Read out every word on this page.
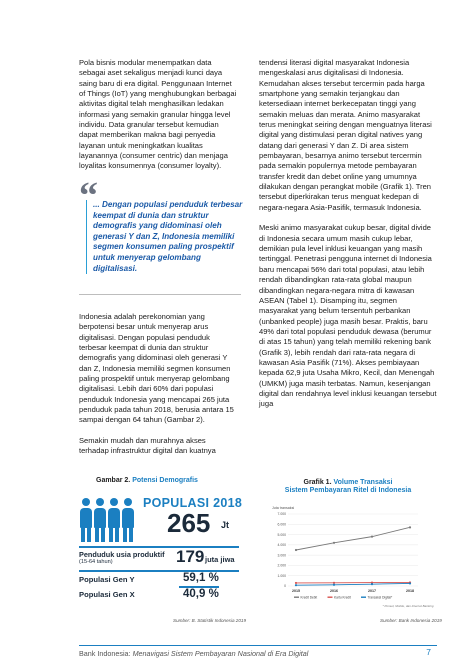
Pola bisnis modular menempatkan data sebagai aset sekaligus menjadi kunci daya saing baru di era digital. Penggunaan Internet of Things (IoT) yang menghubungkan berbagai aktivitas digital telah menghasilkan ledakan informasi yang semakin granular hingga level individu. Data granular tersebut kemudian dapat memberikan makna bagi penyedia layanan untuk meningkatkan kualitas layanannya (consumer centric) dan menjaga loyalitas konsumennya (consumer loyalty).

“
... Dengan populasi penduduk terbesar keempat di dunia dan struktur demografis yang didominasi oleh generasi Y dan Z, Indonesia memiliki segmen konsumen paling prospektif untuk menyerap gelombang digitalisasi.

Indonesia adalah perekonomian yang berpotensi besar untuk menyerap arus digitalisasi. Dengan populasi penduduk terbesar keempat di dunia dan struktur demografis yang didominasi oleh generasi Y dan Z, Indonesia memiliki segmen konsumen paling prospektif untuk menyerap gelombang digitalisasi. Lebih dari 60% dari populasi penduduk Indonesia yang mencapai 265 juta penduduk pada tahun 2018, berusia antara 15 sampai dengan 64 tahun (Gambar 2).

Semakin mudah dan murahnya akses terhadap infrastruktur digital dan kuatnya

tendensi literasi digital masyarakat Indonesia mengeskalasi arus digitalisasi di Indonesia. Kemudahan akses tersebut tercermin pada harga smartphone yang semakin terjangkau dan ketersediaan internet berkecepatan tinggi yang semakin meluas dan merata. Animo masyarakat terus meningkat seiring dengan menguatnya literasi digital yang distimulasi peran digital natives yang datang dari generasi Y dan Z. Di area sistem pembayaran, besarnya animo tersebut tercermin pada semakin populernya metode pembayaran transfer kredit dan debet online yang umumnya dilakukan dengan perangkat mobile (Grafik 1). Tren tersebut diperkirakan terus menguat kedepan di negara-negara Asia-Pasifik, termasuk Indonesia.

Meski animo masyarakat cukup besar, digital divide di Indonesia secara umum masih cukup lebar, demikian pula level inklusi keuangan yang masih tertinggal. Penetrasi pengguna internet di Indonesia baru mencapai 56% dari total populasi, atau lebih rendah dibandingkan rata-rata global maupun dibandingkan negara-negara mitra di kawasan ASEAN (Tabel 1). Disamping itu, segmen masyarakat yang belum tersentuh perbankan (unbanked people) juga masih besar. Praktis, baru 49% dari total populasi penduduk dewasa (berumur di atas 15 tahun) yang telah memiliki rekening bank (Grafik 3), lebih rendah dari rata-rata negara di kawasan Asia Pasifik (71%). Akses pembiayaan kepada 62,9 juta Usaha Mikro, Kecil, dan Menengah (UMKM) juga masih terbatas. Namun, kesenjangan digital dan rendahnya level inklusi keuangan tersebut juga

Gambar 2. Potensi Demografis
POPULASI 2018
265 Jt
Penduduk usia produktif
(15-64 tahun)	179 juta jiwa
Populasi Gen Y	59,1 %
Populasi Gen X	40,9 %
Sumber: B. Statistik Indonesia 2019
Grafik 1. Volume Transaksi
Sistem Pembayaran Ritel di Indonesia
Juta transaksi
0
1.000
2.000
3.000
4.000
5.000
6.000
7.000
2015	2016	2017	2018
Kredit Debit	Kartu Kredit	Transaksi Digital*
* Ponsel, Mobile, dan Internet Banking
Sumber: Bank Indonesia 2019
Bank Indonesia: Menavigasi Sistem Pembayaran Nasional di Era Digital	7
